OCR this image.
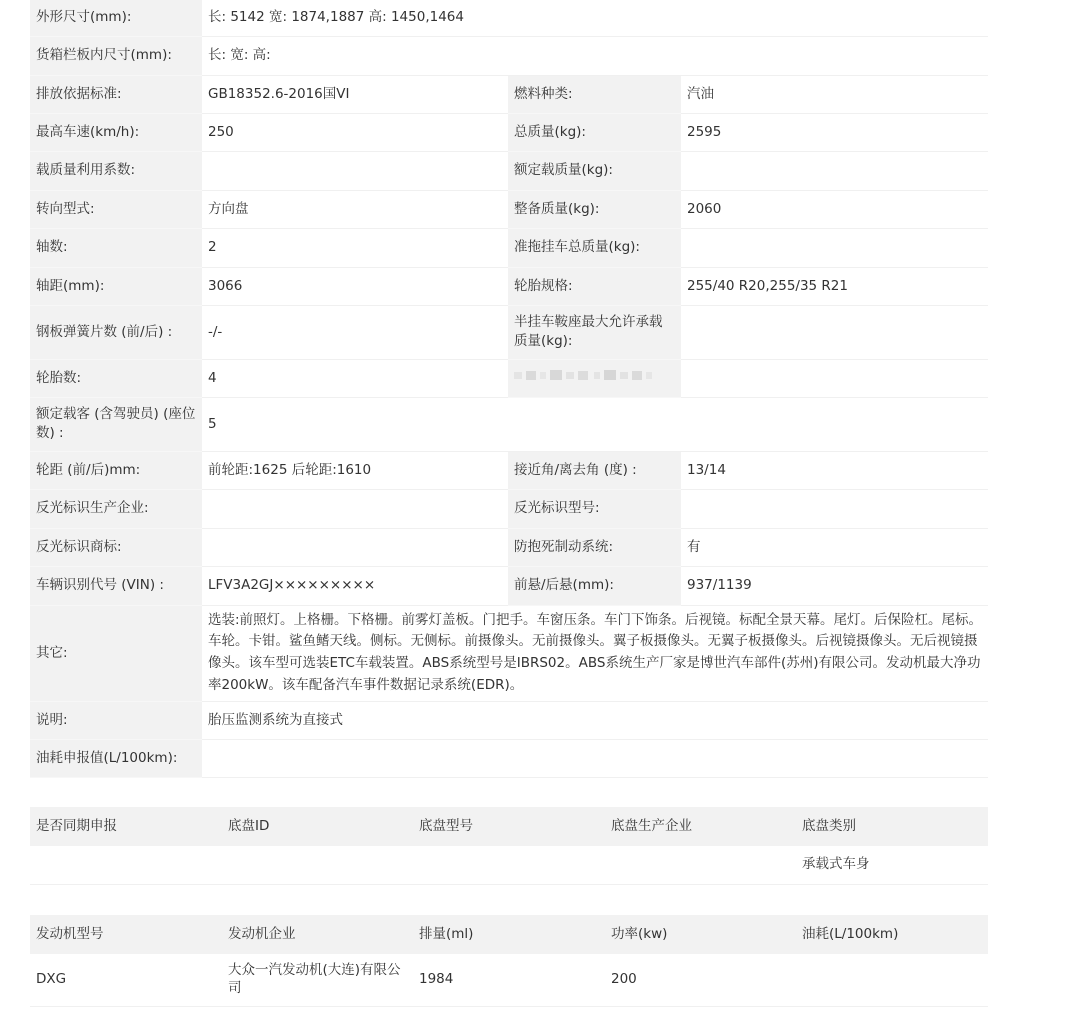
外形尺寸(mm):	长: 5142 宽: 1874,1887 高: 1450,1464		
货箱栏板内尺寸(mm):	长: 宽: 高:		
排放依据标准:	GB18352.6-2016国VI	燃料种类:	汽油
最高车速(km/h):	250	总质量(kg):	2595
载质量利用系数:		额定载质量(kg):	
转向型式:	方向盘	整备质量(kg):	2060
轴数:	2	准拖挂车总质量(kg):	
轴距(mm):	3066	轮胎规格:	255/40 R20,255/35 R21
钢板弹簧片数 (前/后) :	-/-	半挂车鞍座最大允许承载质量(kg):	
轮胎数:	4		
额定载客 (含驾驶员) (座位数) :	5		
轮距 (前/后)mm:	前轮距:1625 后轮距:1610	接近角/离去角 (度) :	13/14
反光标识生产企业:		反光标识型号:	
反光标识商标:		防抱死制动系统:	有
车辆识别代号 (VIN) :	LFV3A2GJ×××××××××	前悬/后悬(mm):	937/1139
其它:	选装:前照灯。上格栅。下格栅。前雾灯盖板。门把手。车窗压条。车门下饰条。后视镜。标配全景天幕。尾灯。后保险杠。尾标。车轮。卡钳。鲨鱼鳍天线。侧标。无侧标。前摄像头。无前摄像头。翼子板摄像头。无翼子板摄像头。后视镜摄像头。无后视镜摄像头。该车型可选装ETC车载装置。ABS系统型号是IBRS02。ABS系统生产厂家是博世汽车部件(苏州)有限公司。发动机最大净功率200kW。该车配备汽车事件数据记录系统(EDR)。		
说明:	胎压监测系统为直接式		
油耗申报值(L/100km):			
是否同期申报	底盘ID	底盘型号	底盘生产企业	底盘类别
				承载式车身
发动机型号	发动机企业	排量(ml)	功率(kw)	油耗(L/100km)
DXG	大众一汽发动机(大连)有限公司	1984	200	
